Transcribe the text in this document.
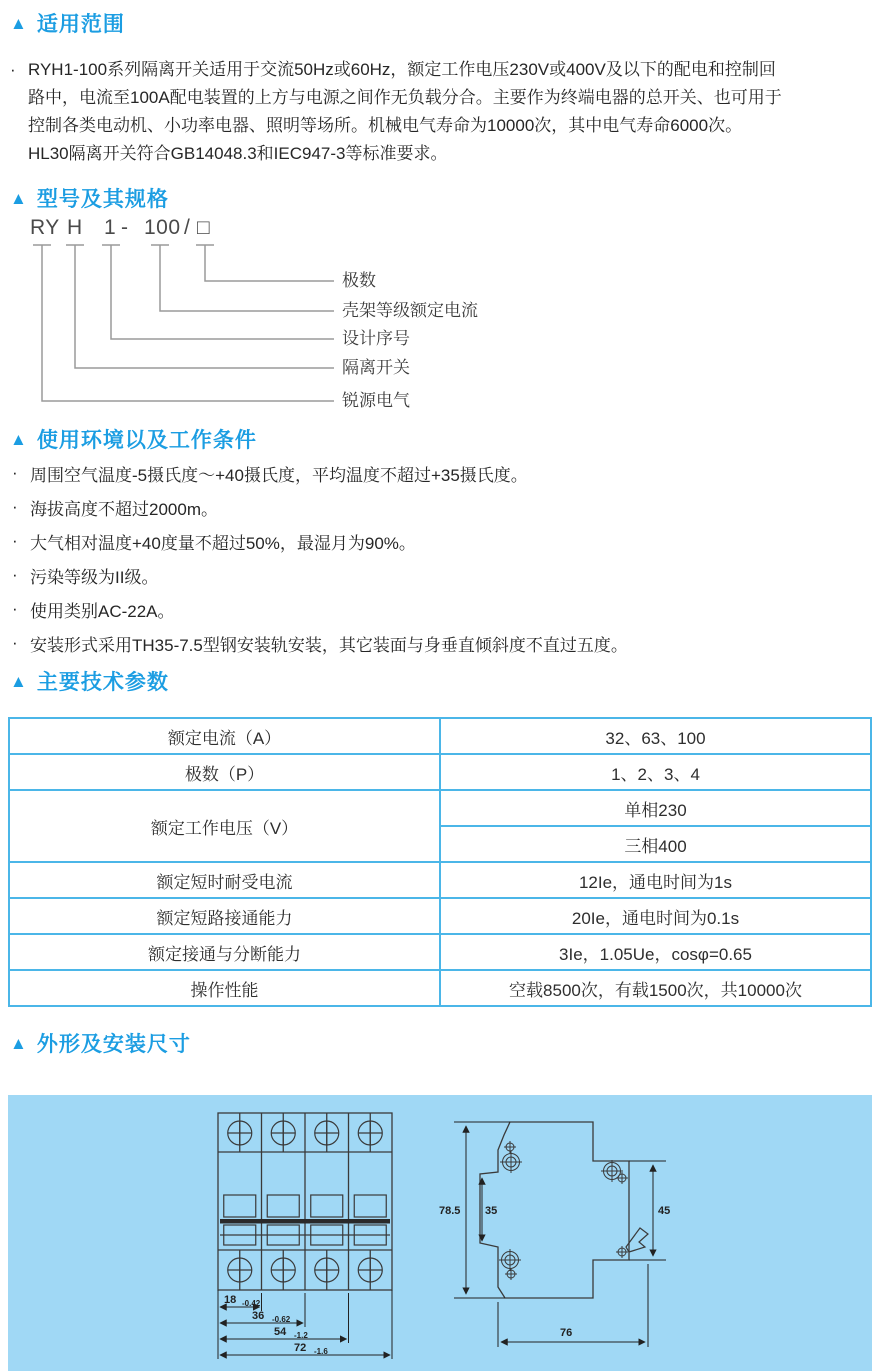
▲ 适用范围
· RYH1-100系列隔离开关适用于交流50Hz或60Hz，额定工作电压230V或400V及以下的配电和控制回
路中，电流至100A配电装置的上方与电源之间作无负载分合。主要作为终端电器的总开关、也可用于
控制各类电动机、小功率电器、照明等场所。机械电气寿命为10000次，其中电气寿命6000次。
HL30隔离开关符合GB14048.3和IEC947-3等标准要求。
▲ 型号及其规格
RY H 1 - 100 / □
极数
壳架等级额定电流
设计序号
隔离开关
锐源电气
▲ 使用环境以及工作条件
· 周围空气温度-5摄氏度～+40摄氏度，平均温度不超过+35摄氏度。
· 海拔高度不超过2000m。
· 大气相对温度+40度量不超过50%，最湿月为90%。
· 污染等级为II级。
· 使用类别AC-22A。
· 安装形式采用TH35-7.5型钢安装轨安装，其它装面与身垂直倾斜度不直过五度。
▲ 主要技术参数
额定电流（A）	32、63、100
极数（P）	1、2、3、4
额定工作电压（V）	单相230
	三相400
额定短时耐受电流	12Ie，通电时间为1s
额定短路接通能力	20Ie，通电时间为0.1s
额定接通与分断能力	3Ie，1.05Ue，cosφ=0.65
操作性能	空载8500次，有载1500次，共10000次
▲ 外形及安装尺寸
18 -0.42
36 -0.62
54 -1.2
72 -1.6
78.5 35	45
76
